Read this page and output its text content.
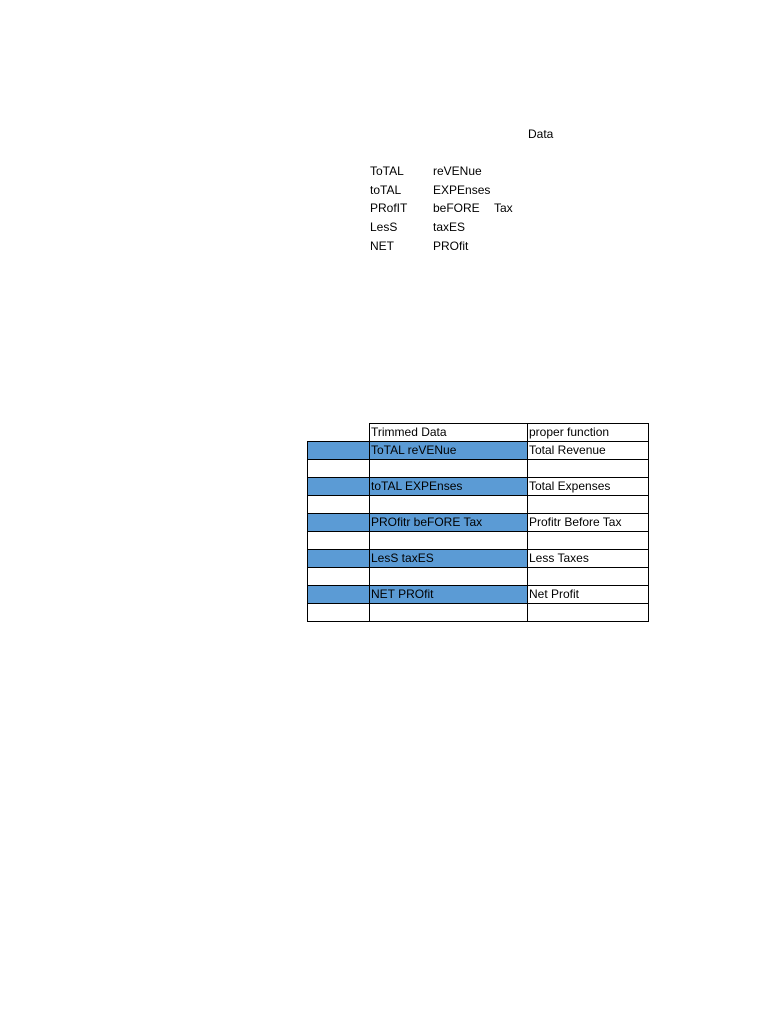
Data
ToTAL reVENue
toTAL	EXPEnses
PRofIT beFORE Tax
LesS	taxES
NET	PROfit
	Trimmed Data	proper function
	ToTAL reVENue	Total Revenue

	toTAL EXPEnses	Total Expenses

	PROfitr beFORE Tax	Profitr Before Tax

	LesS taxES	Less Taxes

	NET PROfit	Net Profit
